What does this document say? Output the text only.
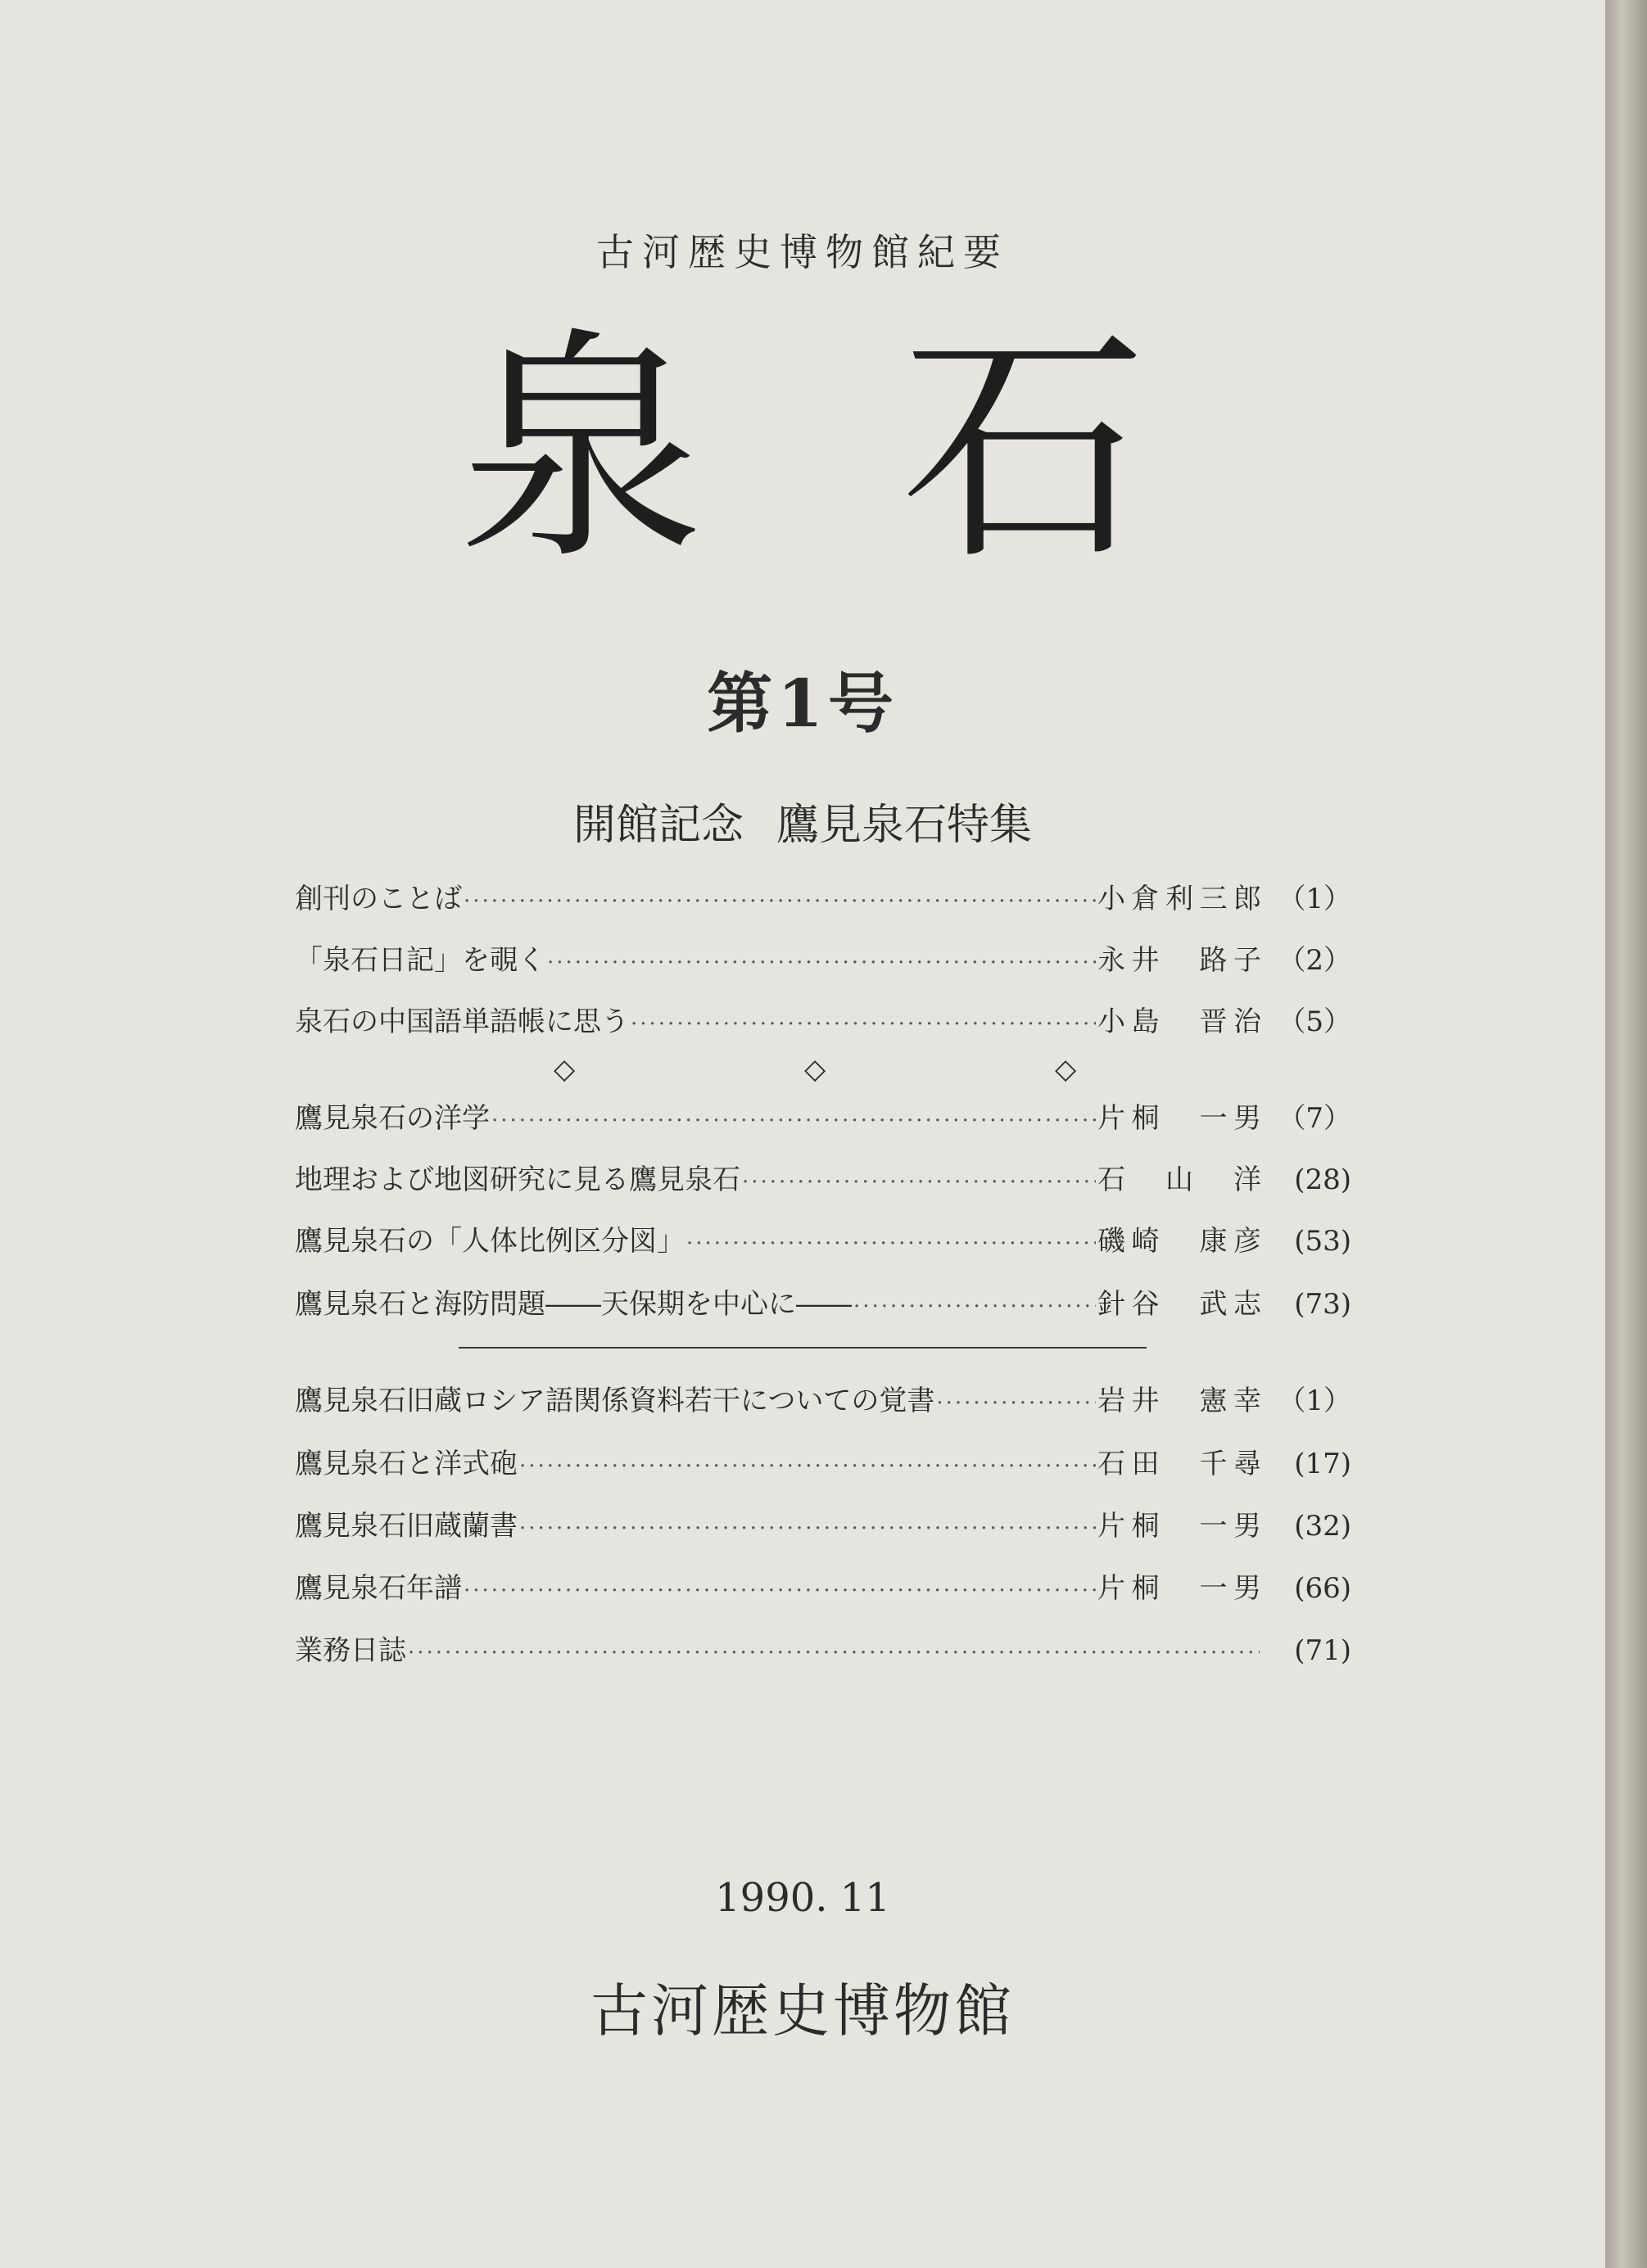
古河歴史博物館紀要
泉石
第1号
開館記念 鷹見泉石特集
創刊のことば ·····	小倉利三郎 （1）
「泉石日記」を覗く ·····	永井　路子 （2）
泉石の中国語単語帳に思う ·····	小島　晋治 （5）
鷹見泉石の洋学 ·····	片桐　一男 （7）
地理および地図研究に見る鷹見泉石 ·····	石　山　洋	(28)
鷹見泉石の「人体比例区分図」 ·····	磯崎　康彦	(53)
鷹見泉石と海防問題――天保期を中心に―― ·····	針谷　武志	(73)
鷹見泉石旧蔵ロシア語関係資料若干についての覚書 ·····	岩井　憲幸 （1）
鷹見泉石と洋式砲 ·····	石田　千尋	(17)
鷹見泉石旧蔵蘭書 ·····	片桐　一男	(32)
鷹見泉石年譜 ·····	片桐　一男	(66)
業務日誌 ·····	(71)
◇	◇	◇
1990. 11
古河歴史博物館
